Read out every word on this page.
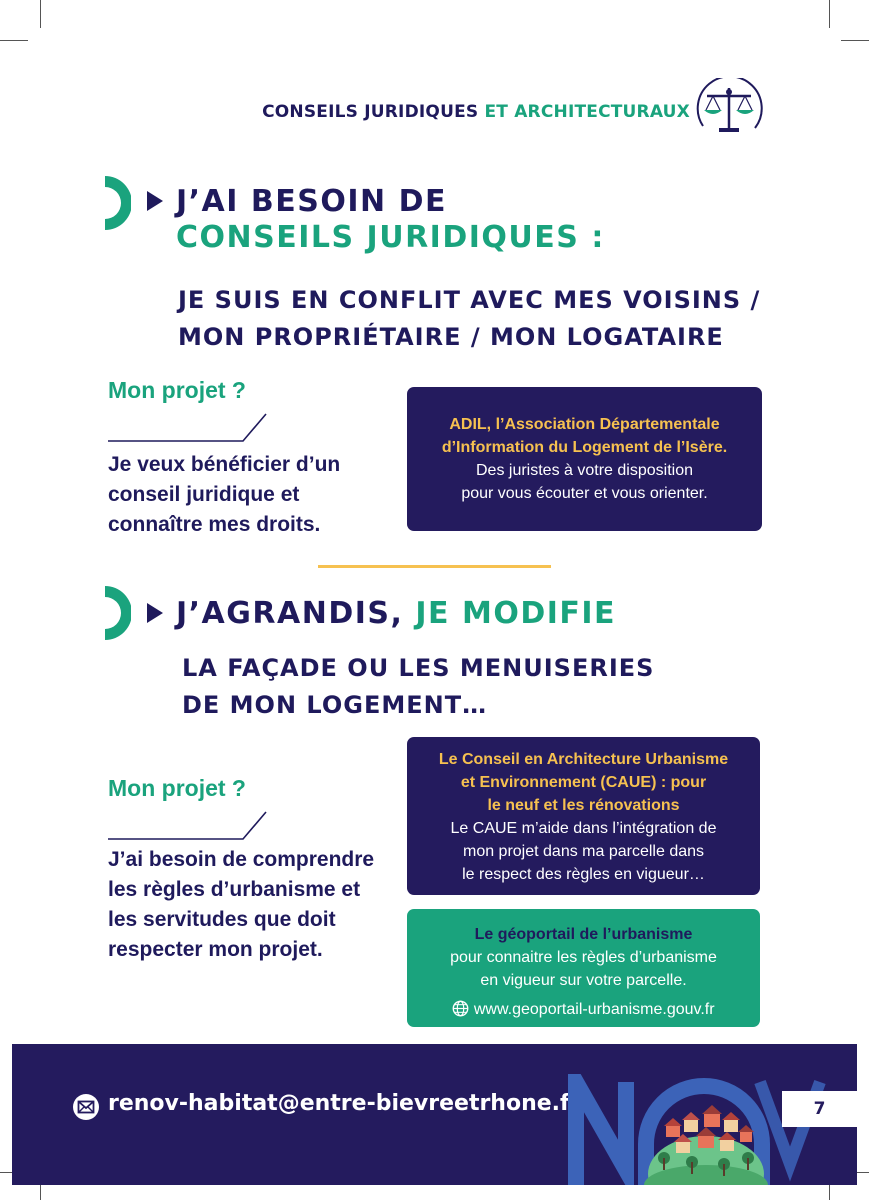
CONSEILS JURIDIQUES ET ARCHITECTURAUX
J’AI BESOIN DE
CONSEILS JURIDIQUES :
JE SUIS EN CONFLIT AVEC MES VOISINS /
MON PROPRIÉTAIRE / MON LOGATAIRE
Mon projet ?
Je veux bénéficier d’un
conseil juridique et
connaître mes droits.
ADIL, l’Association Départementale
d’Information du Logement de l’Isère.
Des juristes à votre disposition
pour vous écouter et vous orienter.
J’AGRANDIS, JE MODIFIE
LA FAÇADE OU LES MENUISERIES
DE MON LOGEMENT…
Mon projet ?
J’ai besoin de comprendre
les règles d’urbanisme et
les servitudes que doit
respecter mon projet.
Le Conseil en Architecture Urbanisme
et Environnement (CAUE) : pour
le neuf et les rénovations
Le CAUE m’aide dans l’intégration de
mon projet dans ma parcelle dans
le respect des règles en vigueur…
Le géoportail de l’urbanisme
pour connaitre les règles d’urbanisme
en vigueur sur votre parcelle.
www.geoportail-urbanisme.gouv.fr
renov-habitat@entre-bievreetrhone.fr	7
